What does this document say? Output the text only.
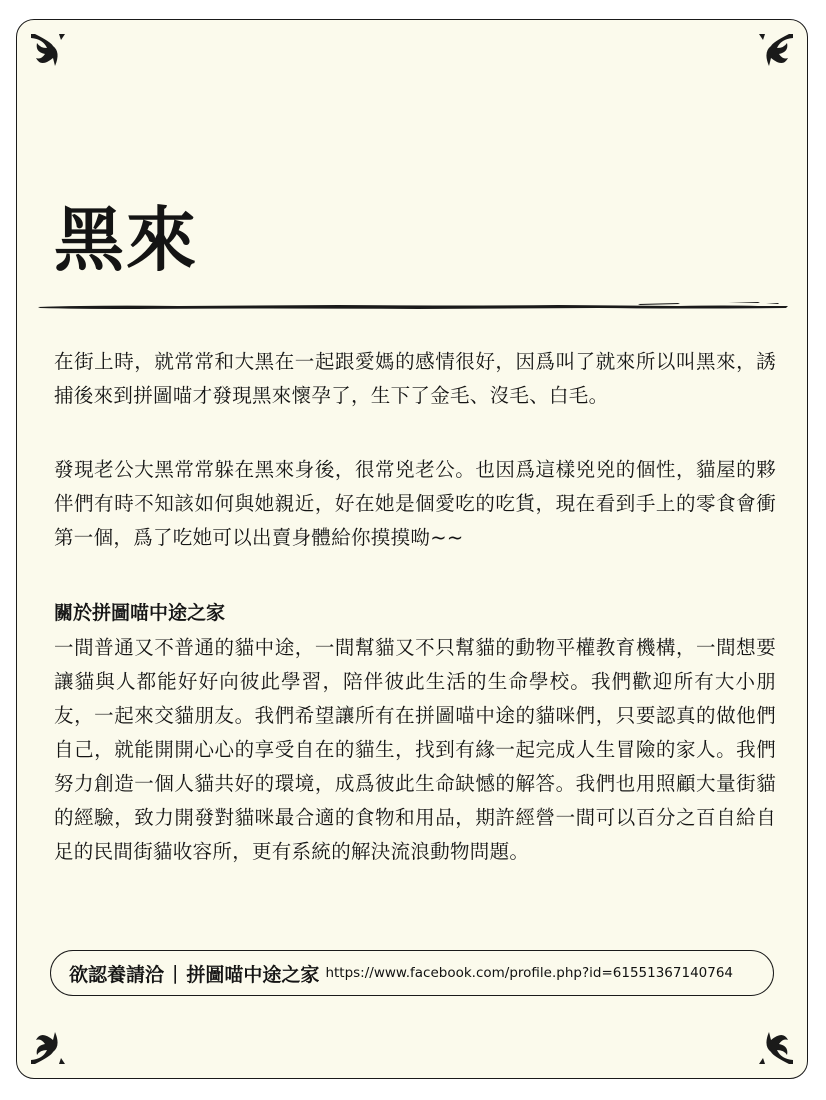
黑來

在街上時，就常常和大黑在一起跟愛媽的感情很好，因爲叫了就來所以叫黑來，誘捕後來到拼圖喵才發現黑來懷孕了，生下了金毛、沒毛、白毛。

發現老公大黑常常躲在黑來身後，很常兇老公。也因爲這樣兇兇的個性，貓屋的夥伴們有時不知該如何與她親近，好在她是個愛吃的吃貨，現在看到手上的零食會衝第一個，爲了吃她可以出賣身體給你摸摸呦~~

關於拼圖喵中途之家

一間普通又不普通的貓中途，一間幫貓又不只幫貓的動物平權教育機構，一間想要讓貓與人都能好好向彼此學習，陪伴彼此生活的生命學校。我們歡迎所有大小朋友，一起來交貓朋友。我們希望讓所有在拼圖喵中途的貓咪們，只要認真的做他們自己，就能開開心心的享受自在的貓生，找到有緣一起完成人生冒險的家人。我們努力創造一個人貓共好的環境，成爲彼此生命缺憾的解答。我們也用照顧大量街貓的經驗，致力開發對貓咪最合適的食物和用品，期許經營一間可以百分之百自給自足的民間街貓收容所，更有系統的解決流浪動物問題。

欲認養請洽 | 拼圖喵中途之家 https://www.facebook.com/profile.php?id=61551367140764
